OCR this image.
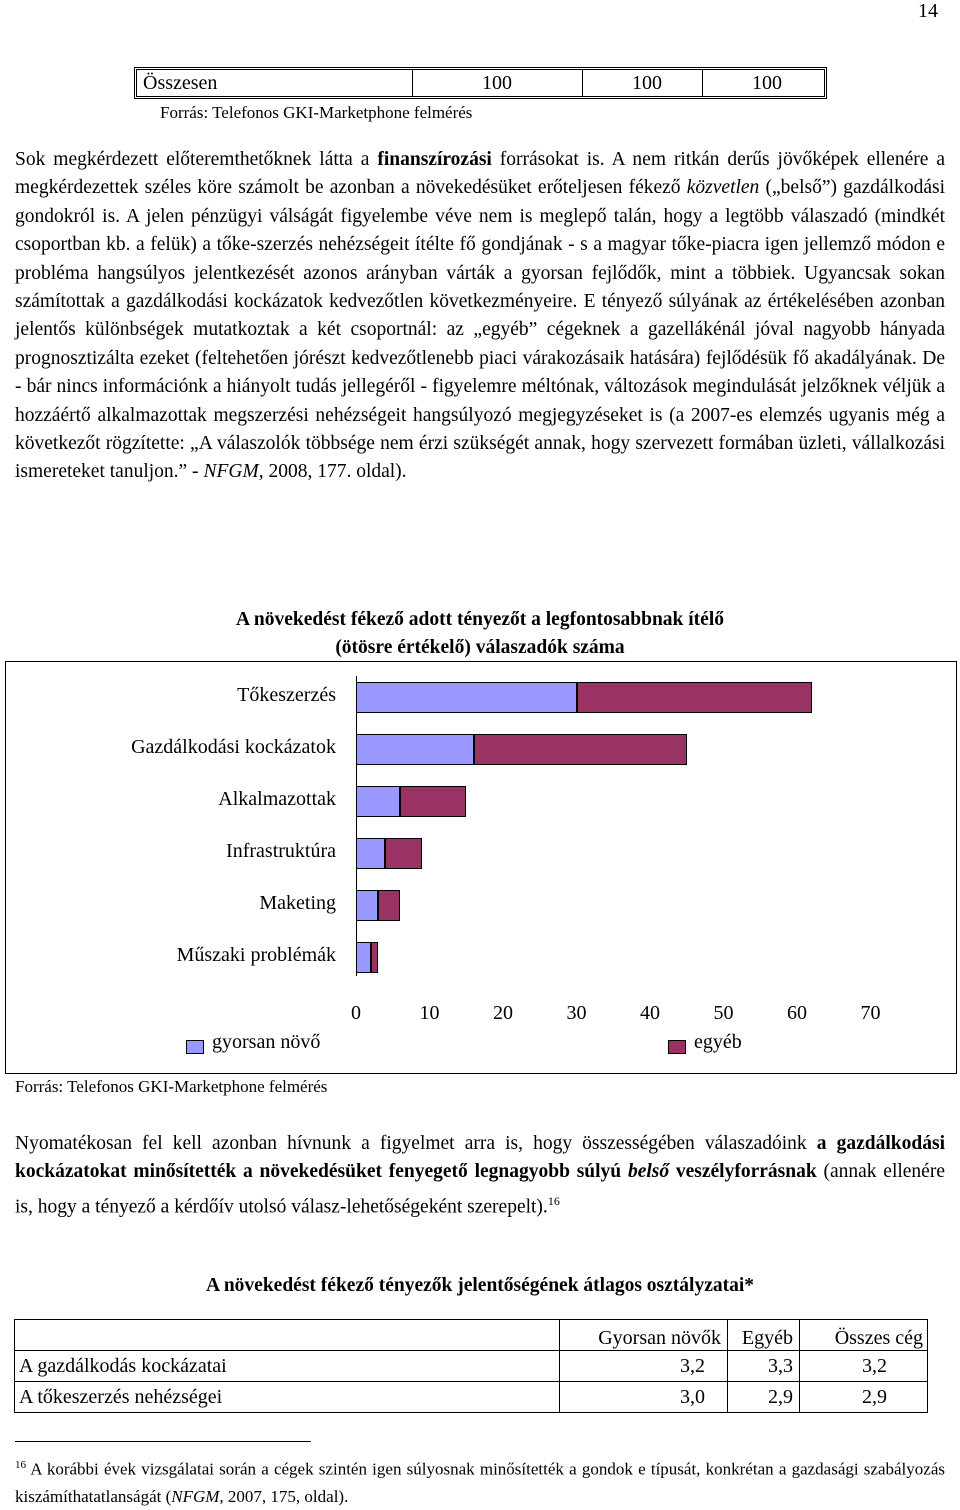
14
Összesen	100	100	100
Forrás: Telefonos GKI-Marketphone felmérés

Sok megkérdezett előteremthetőknek látta a finanszírozási forrásokat is. A nem ritkán derűs jövőképek ellenére a megkérdezettek széles köre számolt be azonban a növekedésüket erőteljesen fékező közvetlen („belső”) gazdálkodási gondokról is. A jelen pénzügyi válságát figyelembe véve nem is meglepő talán, hogy a legtöbb válaszadó (mindkét csoportban kb. a felük) a tőke-szerzés nehézségeit ítélte fő gondjának - s a magyar tőke-piacra igen jellemző módon e probléma hangsúlyos jelentkezését azonos arányban várták a gyorsan fejlődők, mint a többiek. Ugyancsak sokan számítottak a gazdálkodási kockázatok kedvezőtlen következményeire. E tényező súlyának az értékelésében azonban jelentős különbségek mutatkoztak a két csoportnál: az „egyéb” cégeknek a gazellákénál jóval nagyobb hányada prognosztizálta ezeket (feltehetően jórészt kedvezőtlenebb piaci várakozásaik hatására) fejlődésük fő akadályának. De - bár nincs információnk a hiányolt tudás jellegéről - figyelemre méltónak, változások megindulását jelzőknek véljük a hozzáértő alkalmazottak megszerzési nehézségeit hangsúlyozó megjegyzéseket is (a 2007-es elemzés ugyanis még a következőt rögzítette: „A válaszolók többsége nem érzi szükségét annak, hogy szervezett formában üzleti, vállalkozási ismereteket tanuljon.” - NFGM, 2008, 177. oldal).

A növekedést fékező adott tényezőt a legfontosabbnak ítélő
(ötösre értékelő) válaszadók száma
Tőkeszerzés
Gazdálkodási kockázatok
Alkalmazottak
Infrastruktúra
Maketing
Műszaki problémák
0	10	20	30	40	50	60	70
gyorsan növő	egyéb
Forrás: Telefonos GKI-Marketphone felmérés

Nyomatékosan fel kell azonban hívnunk a figyelmet arra is, hogy összességében válaszadóink a gazdálkodási kockázatokat minősítették a növekedésüket fenyegető legnagyobb súlyú belső veszélyforrásnak (annak ellenére is, hogy a tényező a kérdőív utolsó válasz-lehetőségeként szerepelt).$^{16}$

A növekedést fékező tényezők jelentőségének átlagos osztályzatai*
	Gyorsan növők	Egyéb	Összes cég
A gazdálkodás kockázatai	3,2	3,3	3,2
A tőkeszerzés nehézségei	3,0	2,9	2,9
$^{16}$ A korábbi évek vizsgálatai során a cégek szintén igen súlyosnak minősítették a gondok e típusát, konkrétan a gazdasági szabályozás kiszámíthatatlanságát (NFGM, 2007, 175, oldal).
